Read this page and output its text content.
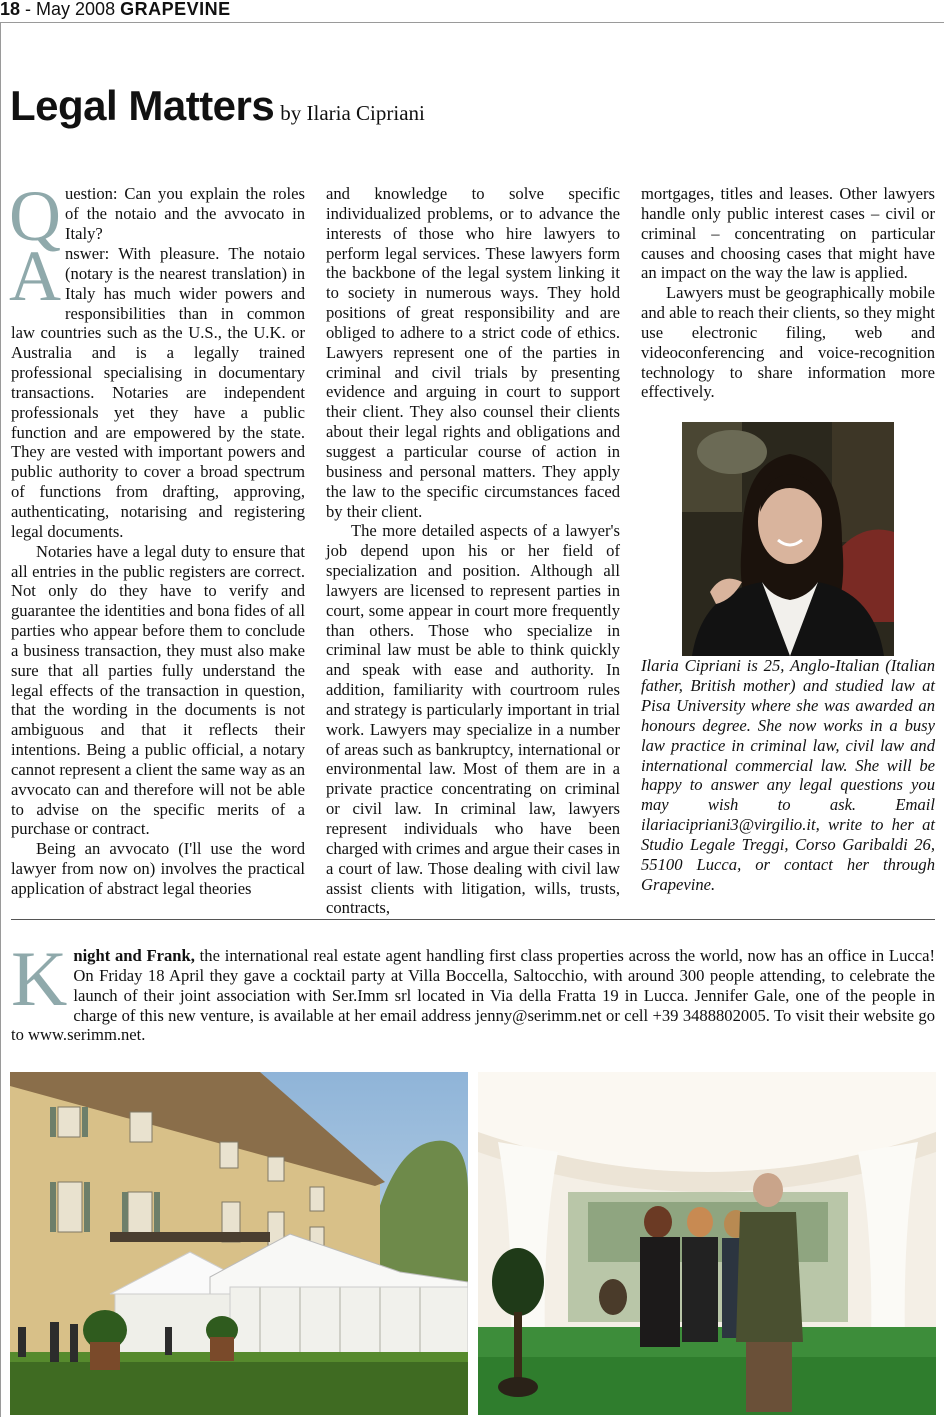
18 - May 2008 GRAPEVINE
Legal Matters by Ilaria Cipriani

Question: Can you explain the roles of the notaio and the avvocato in Italy?

Answer: With pleasure. The notaio (notary is the nearest translation) in Italy has much wider powers and responsibilities than in common law countries such as the U.S., the U.K. or Australia and is a legally trained professional specialising in documentary transactions. Notaries are independent professionals yet they have a public function and are empowered by the state. They are vested with important powers and public authority to cover a broad spectrum of functions from drafting, approving, authenticating, notarising and registering legal documents.

Notaries have a legal duty to ensure that all entries in the public registers are correct. Not only do they have to verify and guarantee the identities and bona fides of all parties who appear before them to conclude a business transaction, they must also make sure that all parties fully understand the legal effects of the transaction in question, that the wording in the documents is not ambiguous and that it reflects their intentions. Being a public official, a notary cannot represent a client the same way as an avvocato can and therefore will not be able to advise on the specific merits of a purchase or contract.

Being an avvocato (I'll use the word lawyer from now on) involves the practical application of abstract legal theories

and knowledge to solve specific individualized problems, or to advance the interests of those who hire lawyers to perform legal services. These lawyers form the backbone of the legal system linking it to society in numerous ways. They hold positions of great responsibility and are obliged to adhere to a strict code of ethics. Lawyers represent one of the parties in criminal and civil trials by presenting evidence and arguing in court to support their client. They also counsel their clients about their legal rights and obligations and suggest a particular course of action in business and personal matters. They apply the law to the specific circumstances faced by their client.

The more detailed aspects of a lawyer's job depend upon his or her field of specialization and position. Although all lawyers are licensed to represent parties in court, some appear in court more frequently than others. Those who specialize in criminal law must be able to think quickly and speak with ease and authority. In addition, familiarity with courtroom rules and strategy is particularly important in trial work. Lawyers may specialize in a number of areas such as bankruptcy, international or environmental law. Most of them are in a private practice concentrating on criminal or civil law. In criminal law, lawyers represent individuals who have been charged with crimes and argue their cases in a court of law. Those dealing with civil law assist clients with litigation, wills, trusts, contracts,

mortgages, titles and leases. Other lawyers handle only public interest cases – civil or criminal – concentrating on particular causes and choosing cases that might have an impact on the way the law is applied.

Lawyers must be geographically mobile and able to reach their clients, so they might use electronic filing, web and videoconferencing and voice-recognition technology to share information more effectively.

Ilaria Cipriani is 25, Anglo-Italian (Italian father, British mother) and studied law at Pisa University where she was awarded an honours degree. She now works in a busy law practice in criminal law, civil law and international commercial law. She will be happy to answer any legal questions you may wish to ask. Email ilariacipriani3@virgilio.it, write to her at Studio Legale Treggi, Corso Garibaldi 26, 55100 Lucca, or contact her through Grapevine.

Knight and Frank, the international real estate agent handling first class properties across the world, now has an office in Lucca! On Friday 18 April they gave a cocktail party at Villa Boccella, Saltocchio, with around 300 people attending, to celebrate the launch of their joint association with Ser.Imm srl located in Via della Fratta 19 in Lucca. Jennifer Gale, one of the people in charge of this new venture, is available at her email address jenny@serimm.net or cell +39 3488802005. To visit their website go to www.serimm.net.
